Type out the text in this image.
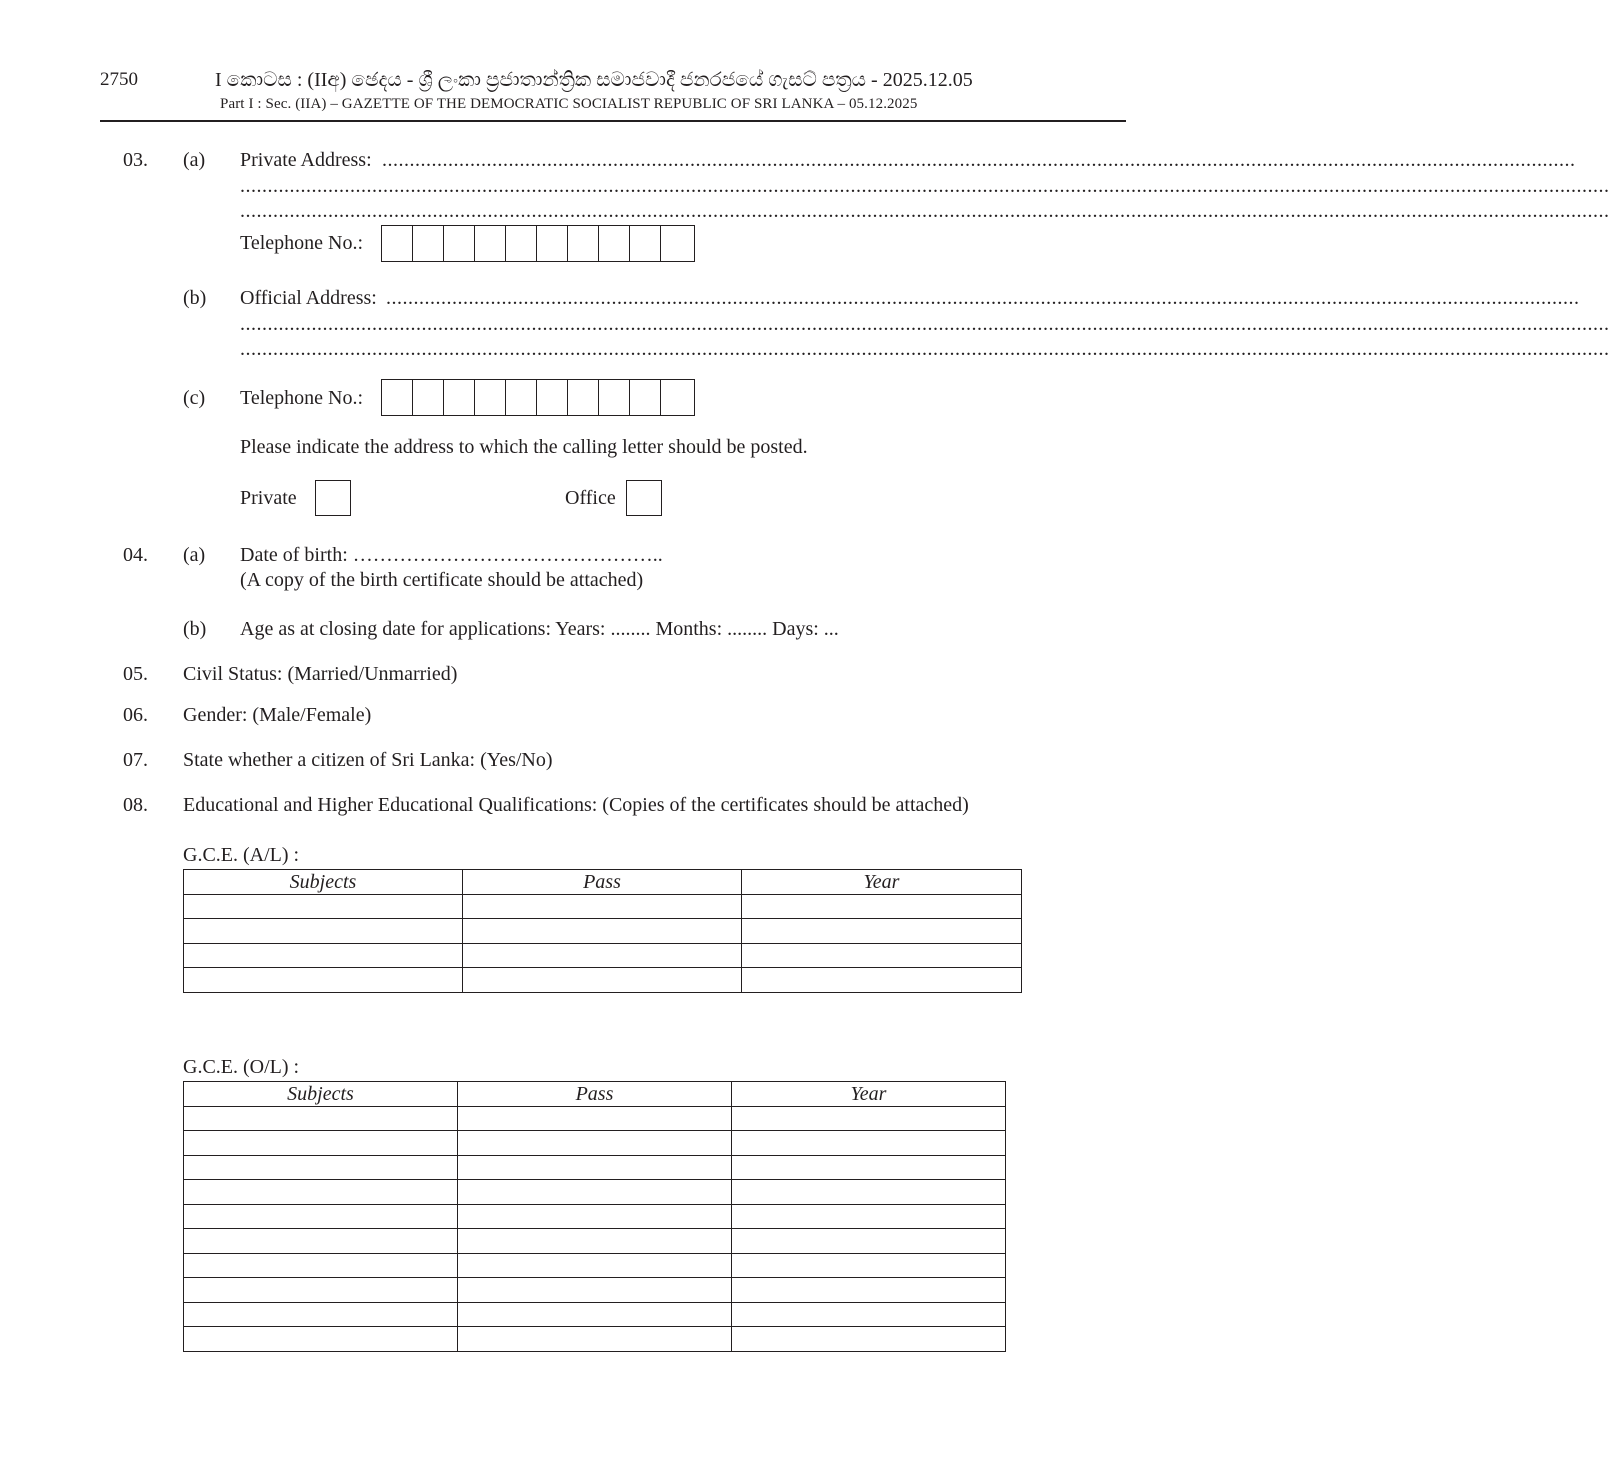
2750	I කොටස : (IIඅ) ඡෙදය - ශ්‍රී ලංකා ප්‍රජාතාන්ත්‍රික සමාජවාදී ජනරජයේ ගැසට් පත්‍රය - 2025.12.05
Part I : Sec. (IIA) – GAZETTE OF THE DEMOCRATIC SOCIALIST REPUBLIC OF SRI LANKA – 05.12.2025
03. (a) Private Address: .........................................................................................................................................................................................................................
.........................................................................................................................................................................................................................................................
.........................................................................................................................................................................................................................................................
Telephone No.:
(b) Official Address: .........................................................................................................................................................................................................................
.........................................................................................................................................................................................................................................................
.........................................................................................................................................................................................................................................................
(c) Telephone No.:
Please indicate the address to which the calling letter should be posted.
Private	Office
04. (a) Date of birth: ………………………………………..
(A copy of the birth certificate should be attached)
(b) Age as at closing date for applications: Years: ........ Months: ........ Days: ...
05. Civil Status: (Married/Unmarried)
06. Gender: (Male/Female)
07. State whether a citizen of Sri Lanka: (Yes/No)
08. Educational and Higher Educational Qualifications: (Copies of the certificates should be attached)
G.C.E. (A/L) :
Subjects	Pass	Year

G.C.E. (O/L) :
Subjects	Pass	Year
